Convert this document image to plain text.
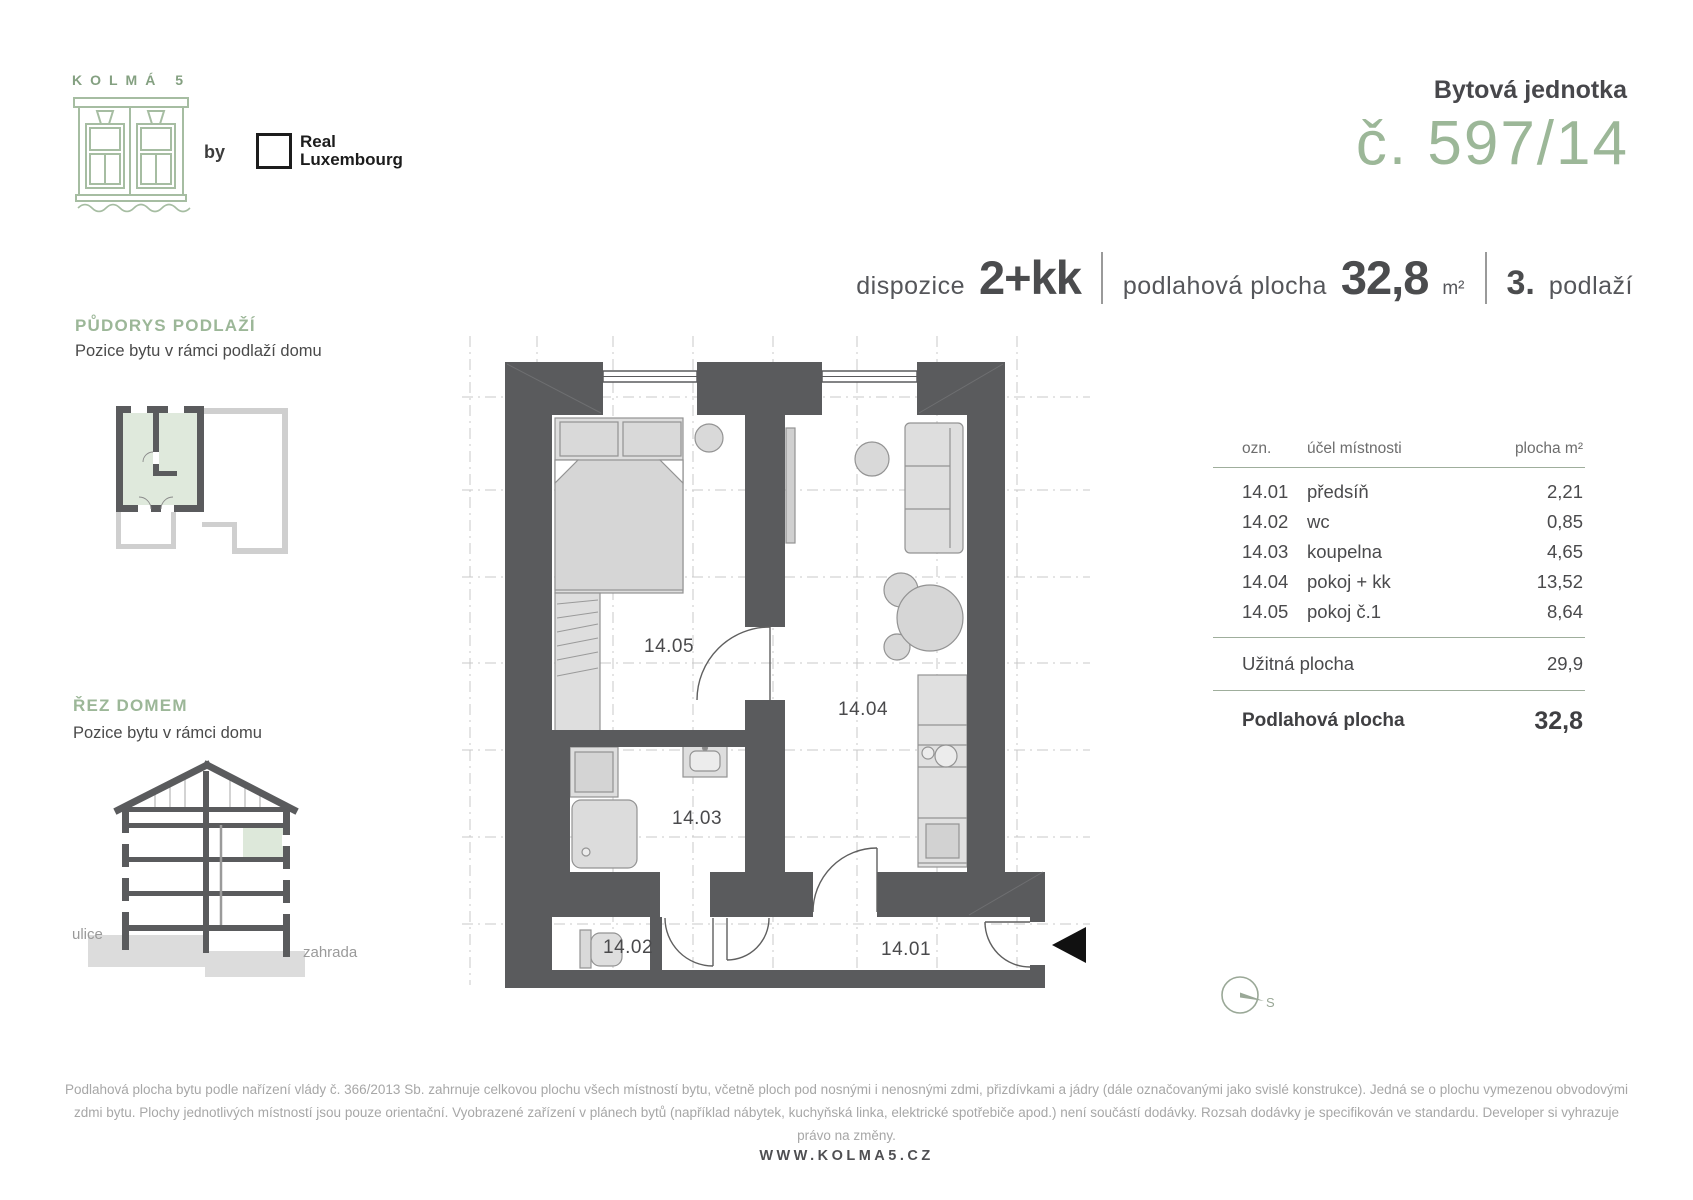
KOLMÁ 5
by
Real
Luxembourg
Bytová jednotka
č. 597/14
dispozice 2+kk podlahová plocha 32,8 m² 3. podlaží
PŮDORYS PODLAŽÍ
Pozice bytu v rámci podlaží domu
ŘEZ DOMEM
Pozice bytu v rámci domu
ulice
zahrada
14.05
14.04
14.03
14.02	14.01
ozn.	účel místnosti	plocha m²
14.01	předsíň	2,21
14.02	wc	0,85
14.03	koupelna	4,65
14.04	pokoj + kk	13,52
14.05	pokoj č.1	8,64
Užitná plocha	29,9
Podlahová plocha	32,8
S
Podlahová plocha bytu podle nařízení vlády č. 366/2013 Sb. zahrnuje celkovou plochu všech místností bytu, včetně ploch pod nosnými i nenosnými zdmi, přizdívkami a jádry (dále označovanými jako svislé konstrukce). Jedná se o plochu vymezenou obvodovými zdmi bytu. Plochy jednotlivých místností jsou pouze orientační. Vyobrazené zařízení v plánech bytů (například nábytek, kuchyňská linka, elektrické spotřebiče apod.) není součástí dodávky. Rozsah dodávky je specifikován ve standardu. Developer si vyhrazuje právo na změny.
WWW.KOLMA5.CZ
